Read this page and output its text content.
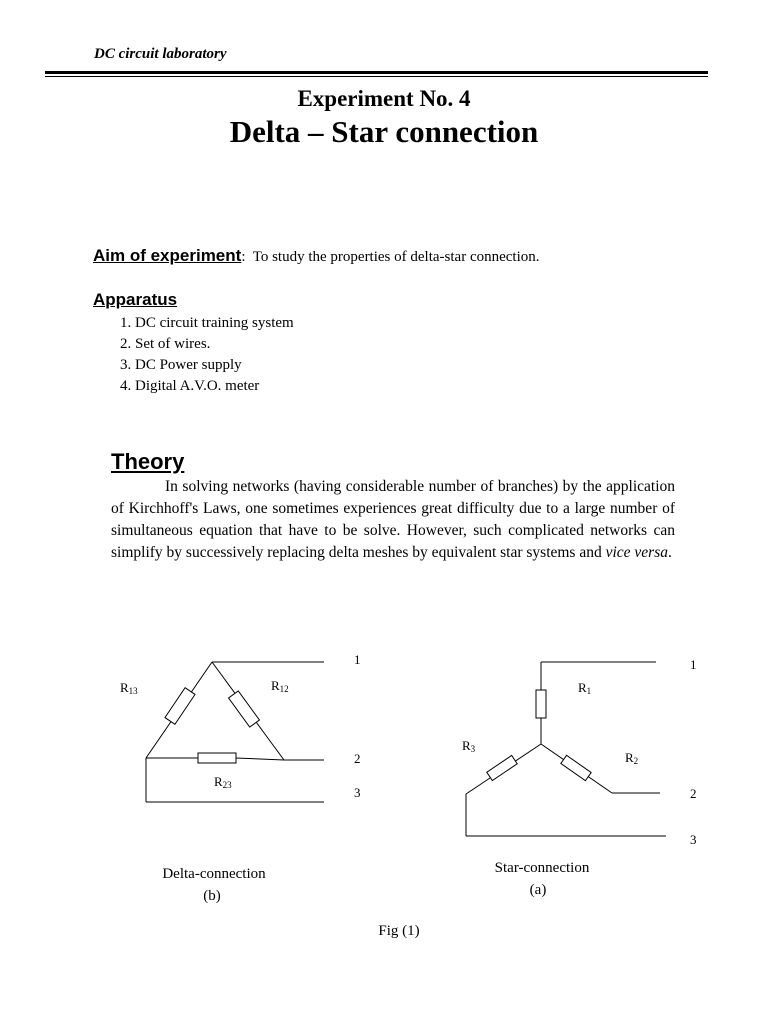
DC circuit laboratory
Experiment No. 4
Delta – Star connection
Aim of experiment: To study the properties of delta-star connection.
Apparatus
1. DC circuit training system
2. Set of wires.
3. DC Power supply
4. Digital A.V.O. meter
Theory
In solving networks (having considerable number of branches) by the application of Kirchhoff's Laws, one sometimes experiences great difficulty due to a large number of simultaneous equation that have to be solve. However, such complicated networks can simplify by successively replacing delta meshes by equivalent star systems and vice versa.
R13	R12
R23
1
2
3
Delta-connection
(b)
R1
R3
R2
1
2
3
Star-connection
(a)
Fig (1)
